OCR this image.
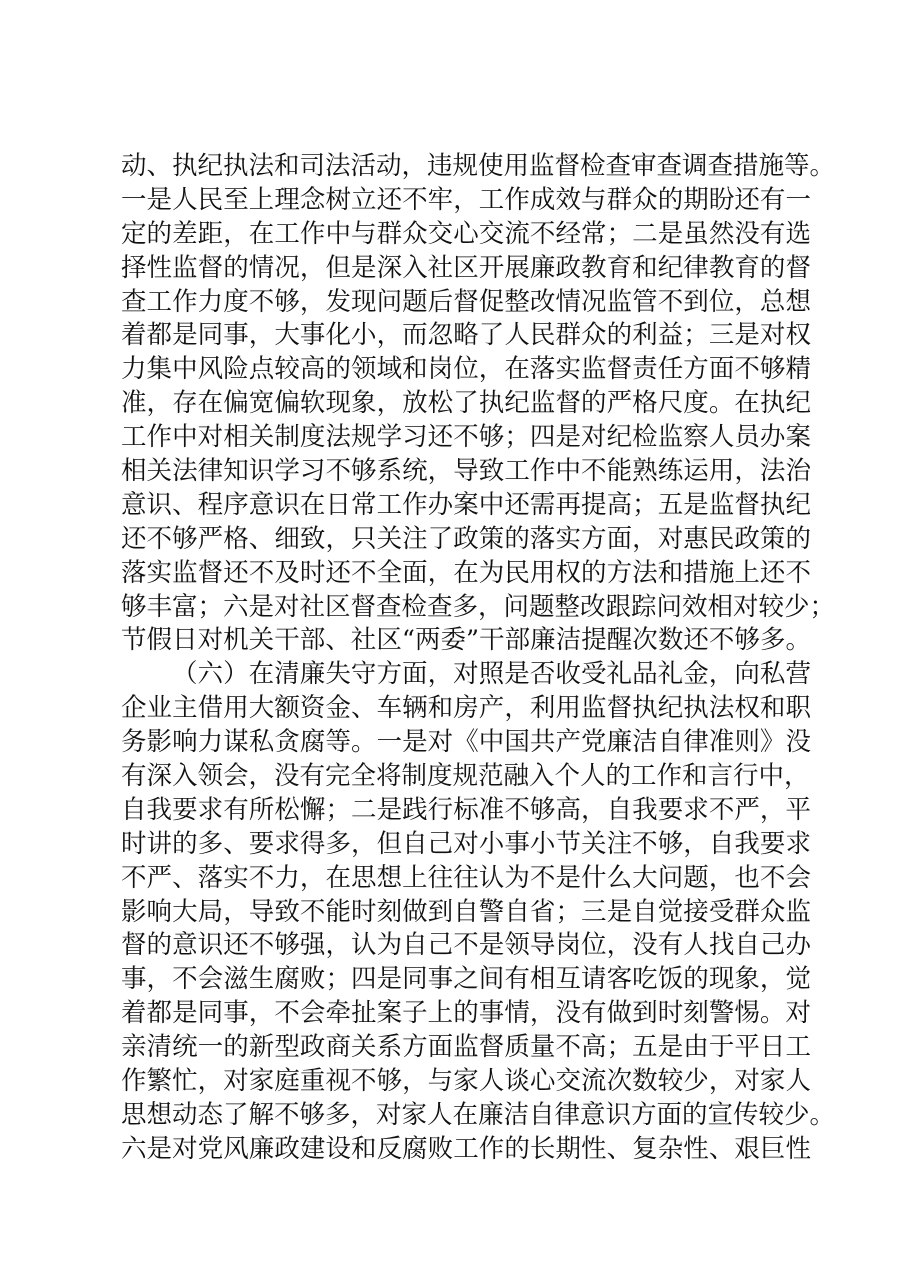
动、执纪执法和司法活动，违规使用监督检查审查调查措施等。
一是人民至上理念树立还不牢，工作成效与群众的期盼还有一
定的差距，在工作中与群众交心交流不经常；二是虽然没有选
择性监督的情况，但是深入社区开展廉政教育和纪律教育的督
查工作力度不够，发现问题后督促整改情况监管不到位，总想
着都是同事，大事化小，而忽略了人民群众的利益；三是对权
力集中风险点较高的领域和岗位，在落实监督责任方面不够精
准，存在偏宽偏软现象，放松了执纪监督的严格尺度。在执纪
工作中对相关制度法规学习还不够；四是对纪检监察人员办案
相关法律知识学习不够系统，导致工作中不能熟练运用，法治
意识、程序意识在日常工作办案中还需再提高；五是监督执纪
还不够严格、细致，只关注了政策的落实方面，对惠民政策的
落实监督还不及时还不全面，在为民用权的方法和措施上还不
够丰富；六是对社区督查检查多，问题整改跟踪问效相对较少；
节假日对机关干部、社区“两委”干部廉洁提醒次数还不够多。
（六）在清廉失守方面，对照是否收受礼品礼金，向私营
企业主借用大额资金、车辆和房产，利用监督执纪执法权和职
务影响力谋私贪腐等。一是对《中国共产党廉洁自律准则》没
有深入领会，没有完全将制度规范融入个人的工作和言行中，
自我要求有所松懈；二是践行标准不够高，自我要求不严，平
时讲的多、要求得多，但自己对小事小节关注不够，自我要求
不严、落实不力，在思想上往往认为不是什么大问题，也不会
影响大局，导致不能时刻做到自警自省；三是自觉接受群众监
督的意识还不够强，认为自己不是领导岗位，没有人找自己办
事，不会滋生腐败；四是同事之间有相互请客吃饭的现象，觉
着都是同事，不会牵扯案子上的事情，没有做到时刻警惕。对
亲清统一的新型政商关系方面监督质量不高；五是由于平日工
作繁忙，对家庭重视不够，与家人谈心交流次数较少，对家人
思想动态了解不够多，对家人在廉洁自律意识方面的宣传较少。
六是对党风廉政建设和反腐败工作的长期性、复杂性、艰巨性
